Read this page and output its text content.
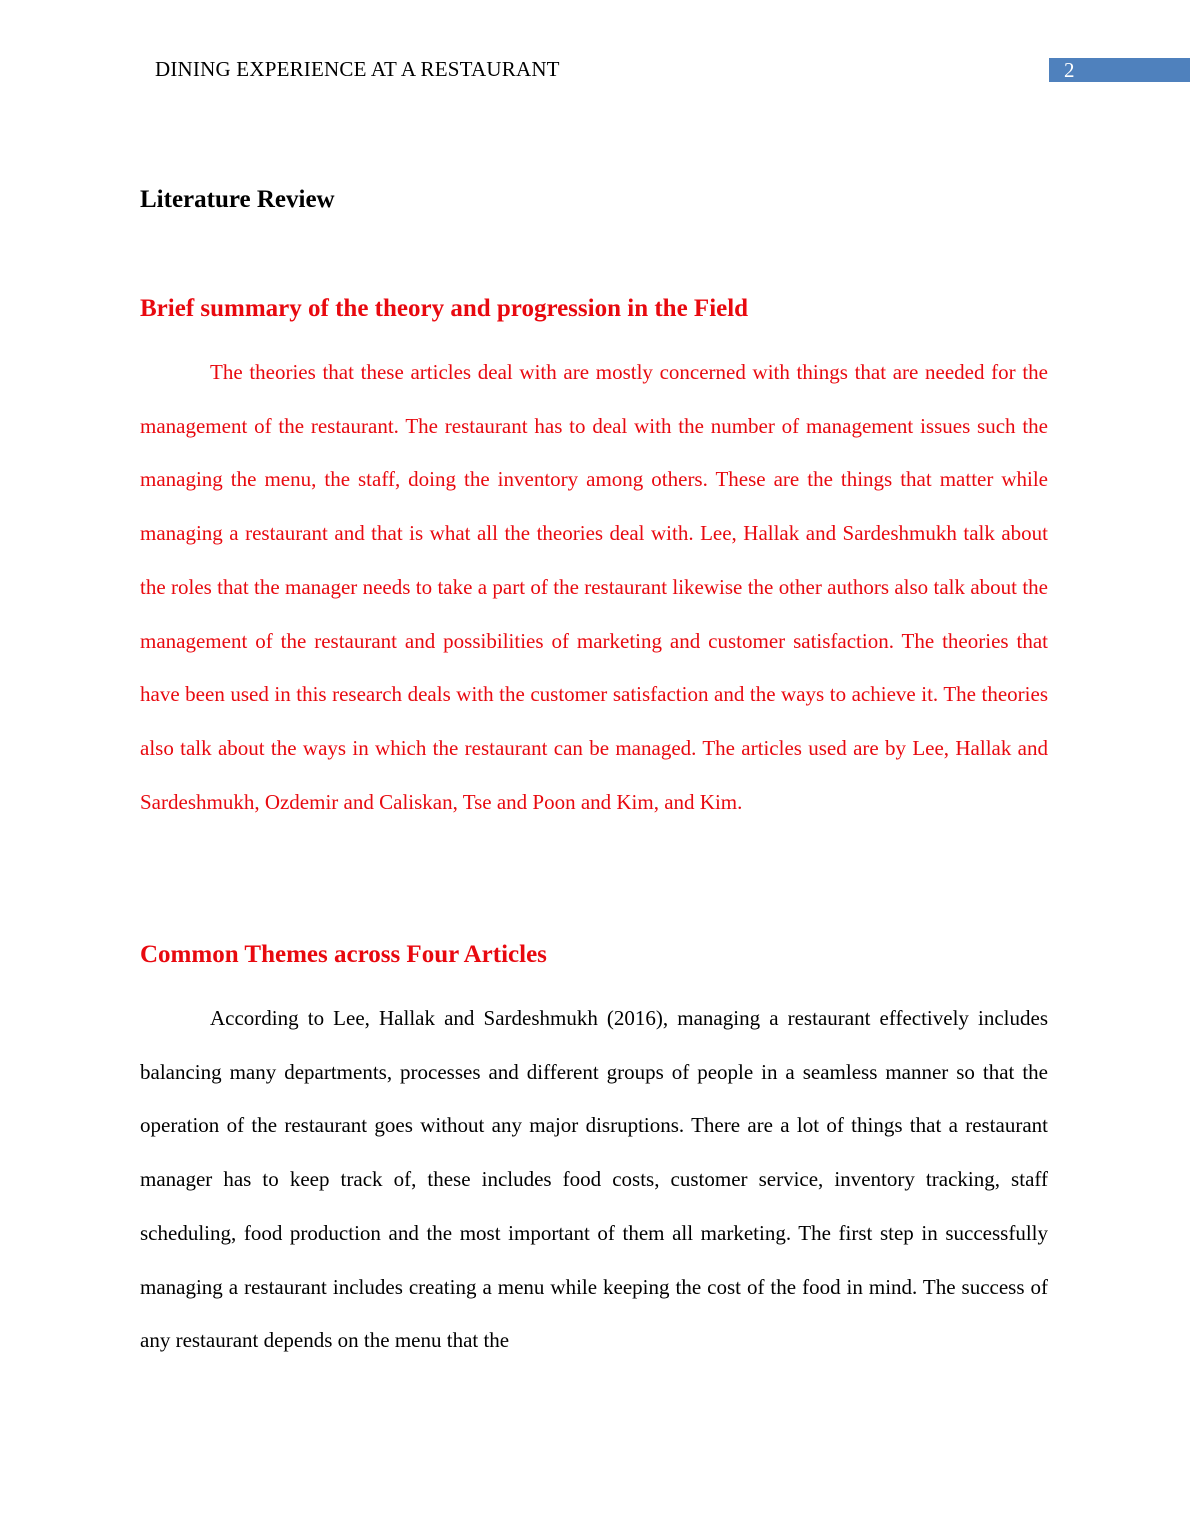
DINING EXPERIENCE AT A RESTAURANT	2
Literature Review
Brief summary of the theory and progression in the Field

The theories that these articles deal with are mostly concerned with things that are needed for the management of the restaurant. The restaurant has to deal with the number of management issues such the managing the menu, the staff, doing the inventory among others. These are the things that matter while managing a restaurant and that is what all the theories deal with. Lee, Hallak and Sardeshmukh talk about the roles that the manager needs to take a part of the restaurant likewise the other authors also talk about the management of the restaurant and possibilities of marketing and customer satisfaction. The theories that have been used in this research deals with the customer satisfaction and the ways to achieve it. The theories also talk about the ways in which the restaurant can be managed. The articles used are by Lee, Hallak and Sardeshmukh, Ozdemir and Caliskan, Tse and Poon and Kim, and Kim.

Common Themes across Four Articles

According to Lee, Hallak and Sardeshmukh (2016), managing a restaurant effectively includes balancing many departments, processes and different groups of people in a seamless manner so that the operation of the restaurant goes without any major disruptions. There are a lot of things that a restaurant manager has to keep track of, these includes food costs, customer service, inventory tracking, staff scheduling, food production and the most important of them all marketing. The first step in successfully managing a restaurant includes creating a menu while keeping the cost of the food in mind. The success of any restaurant depends on the menu that the
